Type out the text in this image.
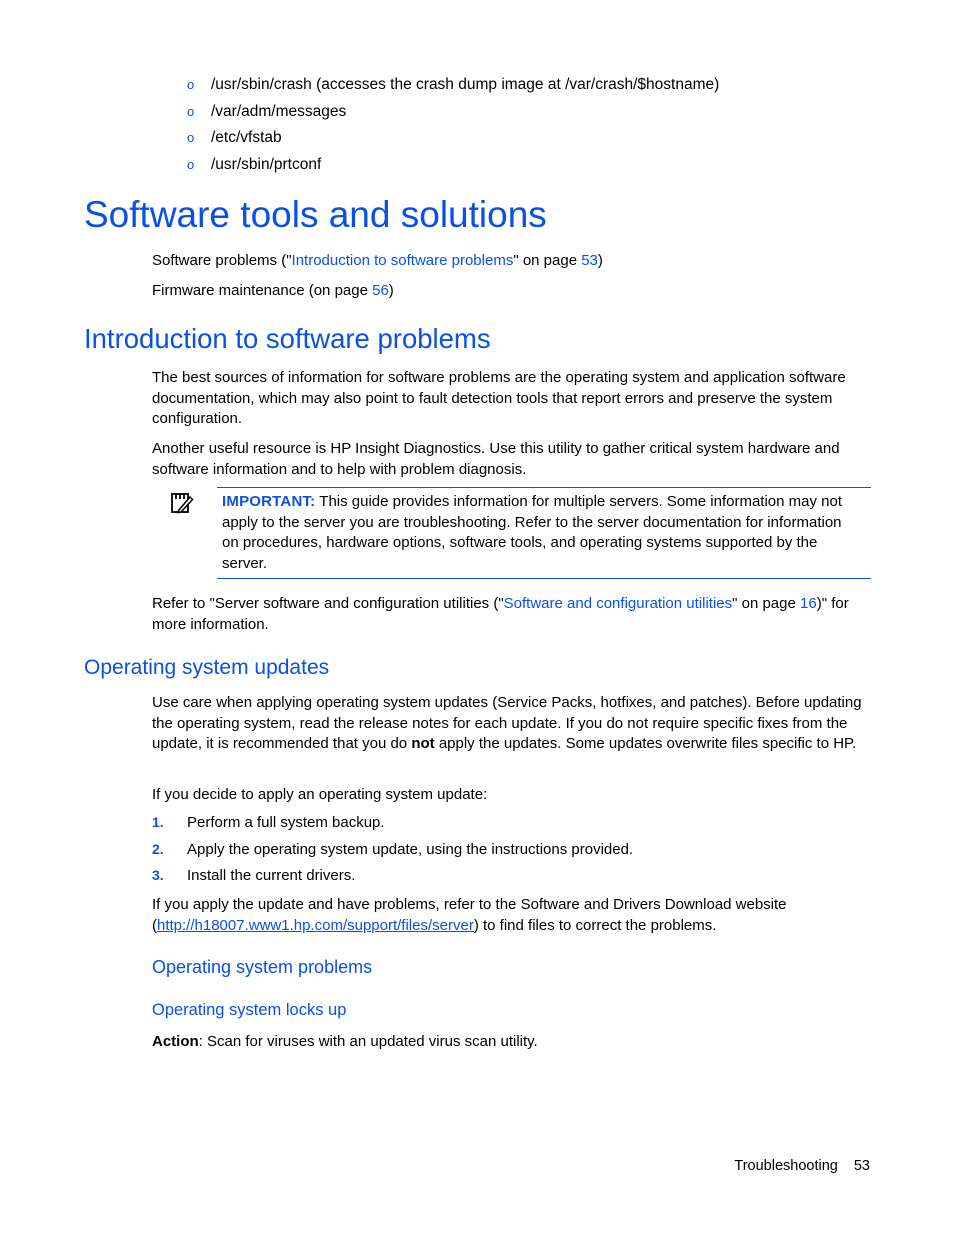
o /usr/sbin/crash (accesses the crash dump image at /var/crash/$hostname)
o /var/adm/messages
o /etc/vfstab
o /usr/sbin/prtconf
Software tools and solutions

Software problems ("Introduction to software problems" on page 53)

Firmware maintenance (on page 56)

Introduction to software problems

The best sources of information for software problems are the operating system and application software documentation, which may also point to fault detection tools that report errors and preserve the system configuration.

Another useful resource is HP Insight Diagnostics. Use this utility to gather critical system hardware and software information and to help with problem diagnosis.

IMPORTANT: This guide provides information for multiple servers. Some information may not apply to the server you are troubleshooting. Refer to the server documentation for information on procedures, hardware options, software tools, and operating systems supported by the server.

Refer to "Server software and configuration utilities ("Software and configuration utilities" on page 16)" for more information.

Operating system updates

Use care when applying operating system updates (Service Packs, hotfixes, and patches). Before updating the operating system, read the release notes for each update. If you do not require specific fixes from the update, it is recommended that you do not apply the updates. Some updates overwrite files specific to HP.

If you decide to apply an operating system update:

1. Perform a full system backup.
2. Apply the operating system update, using the instructions provided.
3. Install the current drivers.

If you apply the update and have problems, refer to the Software and Drivers Download website (http://h18007.www1.hp.com/support/files/server) to find files to correct the problems.

Operating system problems
Operating system locks up

Action: Scan for viruses with an updated virus scan utility.

Troubleshooting 53
